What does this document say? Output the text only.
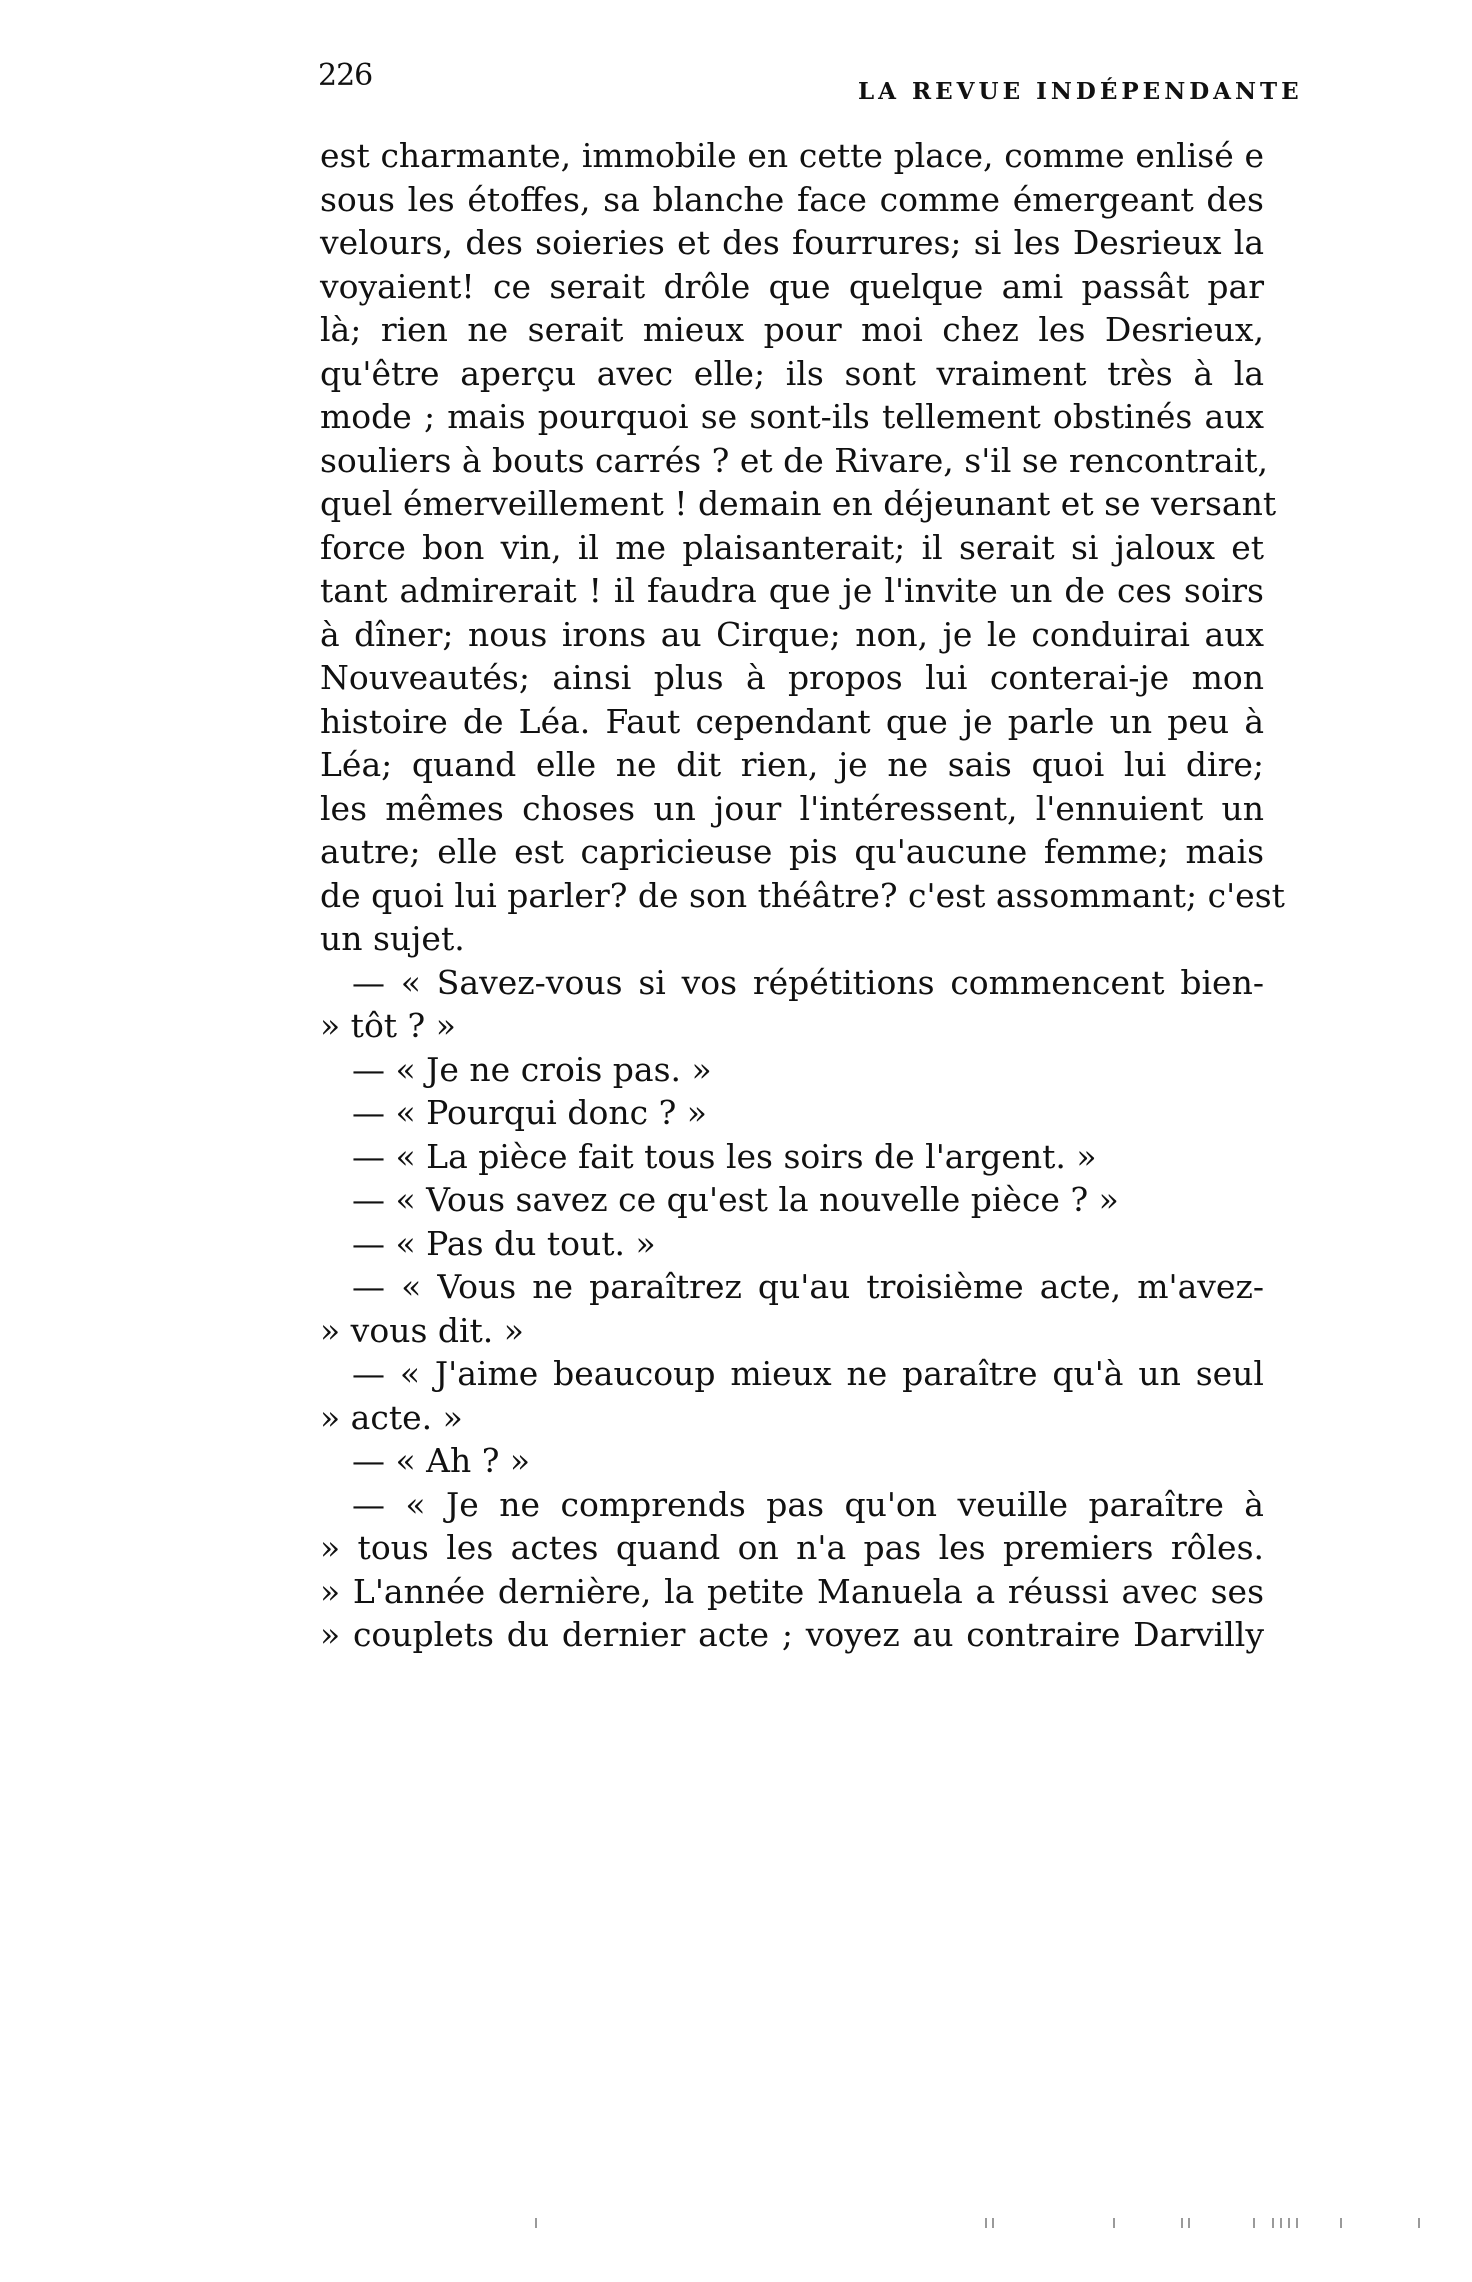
226	LA REVUE INDÉPENDANTE
est charmante, immobile en cette place, comme enlisé e
sous les étoffes, sa blanche face comme émergeant des
velours, des soieries et des fourrures; si les Desrieux la
voyaient! ce serait drôle que quelque ami passât par
là; rien ne serait mieux pour moi chez les Desrieux,
qu'être aperçu avec elle; ils sont vraiment très à la
mode ; mais pourquoi se sont-ils tellement obstinés aux
souliers à bouts carrés ? et de Rivare, s'il se rencontrait,
quel émerveillement ! demain en déjeunant et se versant
force bon vin, il me plaisanterait; il serait si jaloux et
tant admirerait ! il faudra que je l'invite un de ces soirs
à dîner; nous irons au Cirque; non, je le conduirai aux
Nouveautés; ainsi plus à propos lui conterai-je mon
histoire de Léa. Faut cependant que je parle un peu à
Léa; quand elle ne dit rien, je ne sais quoi lui dire;
les mêmes choses un jour l'intéressent, l'ennuient un
autre; elle est capricieuse pis qu'aucune femme; mais
de quoi lui parler? de son théâtre? c'est assommant; c'est
un sujet.
— « Savez-vous si vos répétitions commencent bien-
» tôt ? »
— « Je ne crois pas. »
— « Pourqui donc ? »
— « La pièce fait tous les soirs de l'argent. »
— « Vous savez ce qu'est la nouvelle pièce ? »
— « Pas du tout. »
— « Vous ne paraîtrez qu'au troisième acte, m'avez-
» vous dit. »
— « J'aime beaucoup mieux ne paraître qu'à un seul
» acte. »
— « Ah ? »
— « Je ne comprends pas qu'on veuille paraître à
» tous les actes quand on n'a pas les premiers rôles.
» L'année dernière, la petite Manuela a réussi avec ses
» couplets du dernier acte ; voyez au contraire Darvilly
